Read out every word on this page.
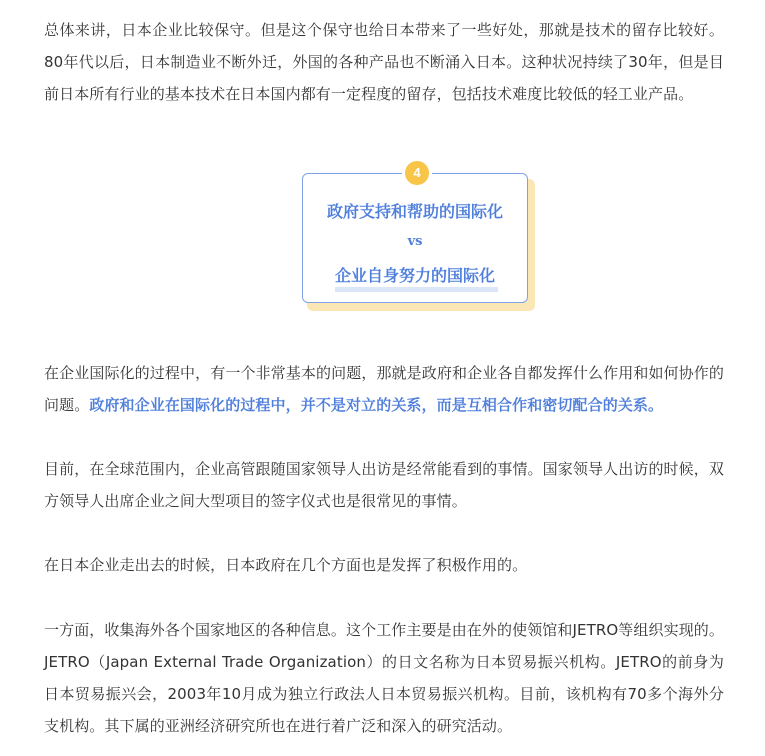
总体来讲，日本企业比较保守。但是这个保守也给日本带来了一些好处，那就是技术的留存比较好。80年代以后，日本制造业不断外迁，外国的各种产品也不断涌入日本。这种状况持续了30年，但是目前日本所有行业的基本技术在日本国内都有一定程度的留存，包括技术难度比较低的轻工业产品。

4
政府支持和帮助的国际化
vs
企业自身努力的国际化

在企业国际化的过程中，有一个非常基本的问题，那就是政府和企业各自都发挥什么作用和如何协作的问题。政府和企业在国际化的过程中，并不是对立的关系，而是互相合作和密切配合的关系。

目前，在全球范围内，企业高管跟随国家领导人出访是经常能看到的事情。国家领导人出访的时候，双方领导人出席企业之间大型项目的签字仪式也是很常见的事情。

在日本企业走出去的时候，日本政府在几个方面也是发挥了积极作用的。

一方面，收集海外各个国家地区的各种信息。这个工作主要是由在外的使领馆和JETRO等组织实现的。JETRO（Japan External Trade Organization）的日文名称为日本贸易振兴机构。JETRO的前身为日本贸易振兴会，2003年10月成为独立行政法人日本贸易振兴机构。目前，该机构有70多个海外分支机构。其下属的亚洲经济研究所也在进行着广泛和深入的研究活动。
